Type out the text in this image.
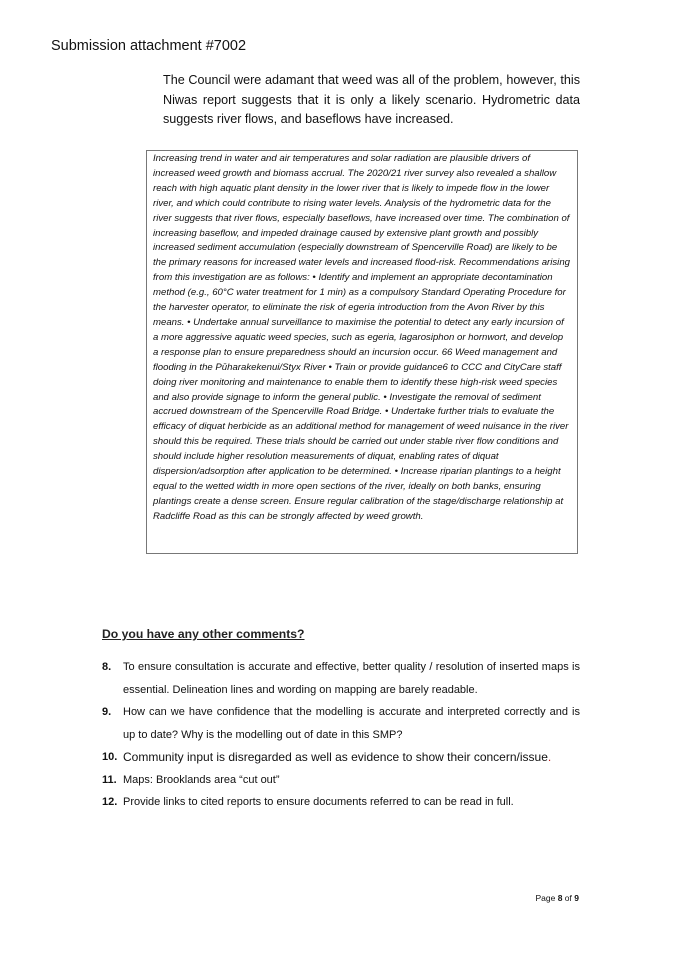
Submission attachment #7002

The Council were adamant that weed was all of the problem, however, this Niwas report suggests that it is only a likely scenario. Hydrometric data suggests river flows, and baseflows have increased.

Increasing trend in water and air temperatures and solar radiation are plausible drivers of increased weed growth and biomass accrual. The 2020/21 river survey also revealed a shallow reach with high aquatic plant density in the lower river that is likely to impede flow in the lower river, and which could contribute to rising water levels. Analysis of the hydrometric data for the river suggests that river flows, especially baseflows, have increased over time. The combination of increasing baseflow, and impeded drainage caused by extensive plant growth and possibly increased sediment accumulation (especially downstream of Spencerville Road) are likely to be the primary reasons for increased water levels and increased flood-risk. Recommendations arising from this investigation are as follows: • Identify and implement an appropriate decontamination method (e.g., 60°C water treatment for 1 min) as a compulsory Standard Operating Procedure for the harvester operator, to eliminate the risk of egeria introduction from the Avon River by this means. • Undertake annual surveillance to maximise the potential to detect any early incursion of a more aggressive aquatic weed species, such as egeria, lagarosiphon or hornwort, and develop a response plan to ensure preparedness should an incursion occur. 66 Weed management and flooding in the Pūharakekenui/Styx River • Train or provide guidance6 to CCC and CityCare staff doing river monitoring and maintenance to enable them to identify these high-risk weed species and also provide signage to inform the general public. • Investigate the removal of sediment accrued downstream of the Spencerville Road Bridge. • Undertake further trials to evaluate the efficacy of diquat herbicide as an additional method for management of weed nuisance in the river should this be required. These trials should be carried out under stable river flow conditions and should include higher resolution measurements of diquat, enabling rates of diquat dispersion/adsorption after application to be determined. • Increase riparian plantings to a height equal to the wetted width in more open sections of the river, ideally on both banks, ensuring plantings create a dense screen. Ensure regular calibration of the stage/discharge relationship at Radcliffe Road as this can be strongly affected by weed growth.
Do you have any other comments?
8. To ensure consultation is accurate and effective, better quality / resolution of inserted maps is essential. Delineation lines and wording on mapping are barely readable.
9. How can we have confidence that the modelling is accurate and interpreted correctly and is up to date? Why is the modelling out of date in this SMP?
10. Community input is disregarded as well as evidence to show their concern/issue.
11. Maps: Brooklands area “cut out”
12. Provide links to cited reports to ensure documents referred to can be read in full.
Page 8 of 9
